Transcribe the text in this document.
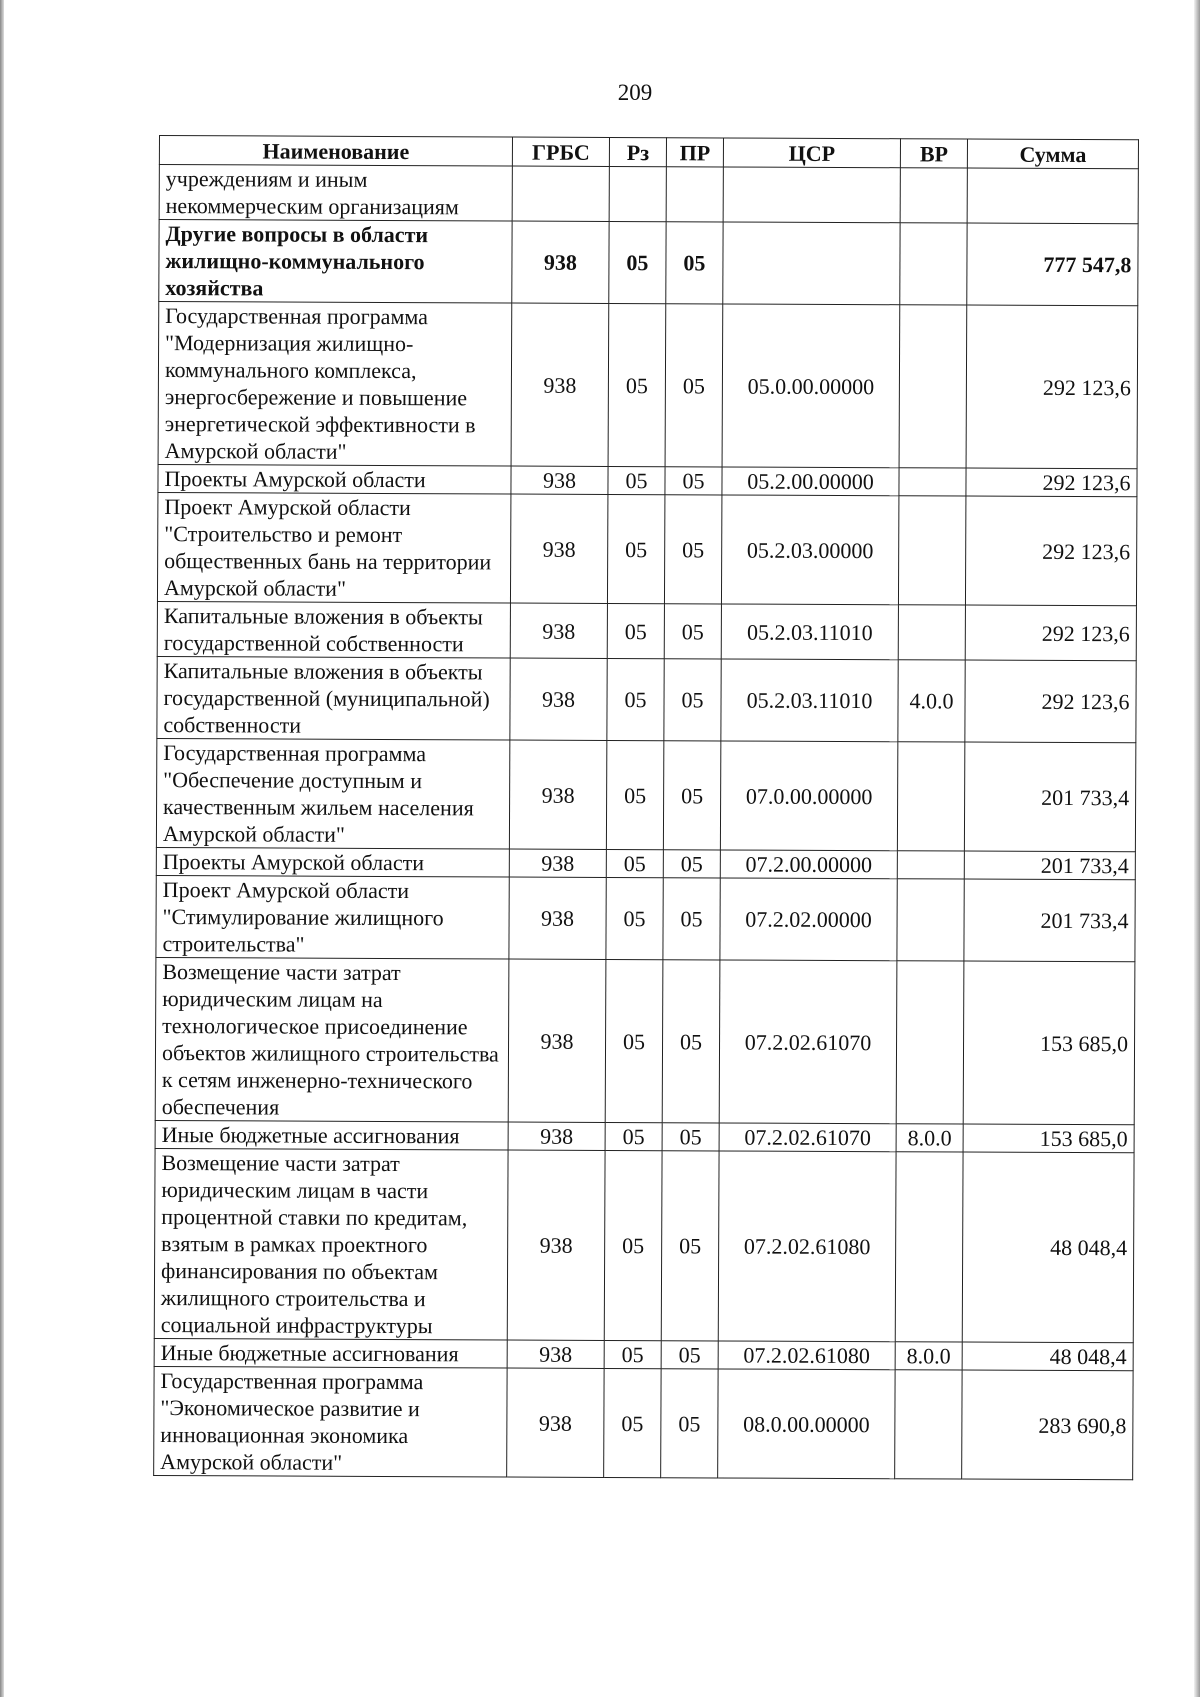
209
Наименование	ГРБС	Рз	ПР	ЦСР	ВР	Сумма
учреждениям и иным некоммерческим организациям						
Другие вопросы в области жилищно-коммунального хозяйства	938	05	05			777 547,8
Государственная программа "Модернизация жилищно-коммунального комплекса, энергосбережение и повышение энергетической эффективности в Амурской области"	938	05	05	05.0.00.00000		292 123,6
Проекты Амурской области	938	05	05	05.2.00.00000		292 123,6
Проект Амурской области "Строительство и ремонт общественных бань на территории Амурской области"	938	05	05	05.2.03.00000		292 123,6
Капитальные вложения в объекты государственной собственности	938	05	05	05.2.03.11010		292 123,6
Капитальные вложения в объекты государственной (муниципальной) собственности	938	05	05	05.2.03.11010	4.0.0	292 123,6
Государственная программа "Обеспечение доступным и качественным жильем населения Амурской области"	938	05	05	07.0.00.00000		201 733,4
Проекты Амурской области	938	05	05	07.2.00.00000		201 733,4
Проект Амурской области "Стимулирование жилищного строительства"	938	05	05	07.2.02.00000		201 733,4
Возмещение части затрат юридическим лицам на технологическое присоединение объектов жилищного строительства к сетям инженерно-технического обеспечения	938	05	05	07.2.02.61070		153 685,0
Иные бюджетные ассигнования	938	05	05	07.2.02.61070	8.0.0	153 685,0
Возмещение части затрат юридическим лицам в части процентной ставки по кредитам, взятым в рамках проектного финансирования по объектам жилищного строительства и социальной инфраструктуры	938	05	05	07.2.02.61080		48 048,4
Иные бюджетные ассигнования	938	05	05	07.2.02.61080	8.0.0	48 048,4
Государственная программа "Экономическое развитие и инновационная экономика Амурской области"	938	05	05	08.0.00.00000		283 690,8
